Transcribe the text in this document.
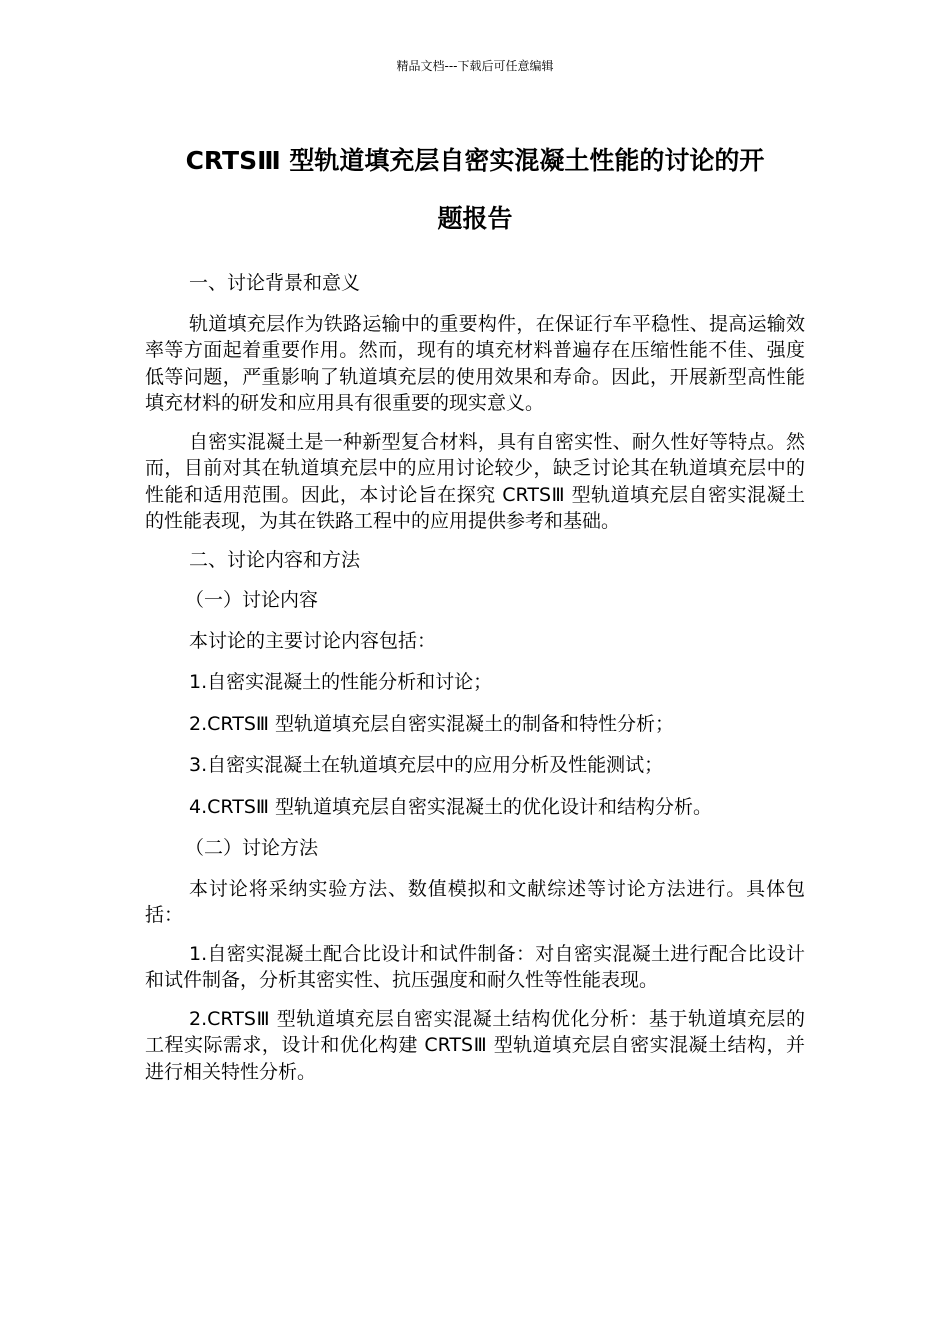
精品文档---下载后可任意编辑
CRTSⅢ 型轨道填充层自密实混凝土性能的讨论的开
题报告
一、讨论背景和意义

轨道填充层作为铁路运输中的重要构件，在保证行车平稳性、提高运输效率等方面起着重要作用。然而，现有的填充材料普遍存在压缩性能不佳、强度低等问题，严重影响了轨道填充层的使用效果和寿命。因此，开展新型高性能填充材料的研发和应用具有很重要的现实意义。

自密实混凝土是一种新型复合材料，具有自密实性、耐久性好等特点。然而，目前对其在轨道填充层中的应用讨论较少，缺乏讨论其在轨道填充层中的性能和适用范围。因此，本讨论旨在探究 CRTSⅢ 型轨道填充层自密实混凝土的性能表现，为其在铁路工程中的应用提供参考和基础。

二、讨论内容和方法
（一）讨论内容
本讨论的主要讨论内容包括：
1.自密实混凝土的性能分析和讨论；
2.CRTSⅢ 型轨道填充层自密实混凝土的制备和特性分析；
3.自密实混凝土在轨道填充层中的应用分析及性能测试；
4.CRTSⅢ 型轨道填充层自密实混凝土的优化设计和结构分析。
（二）讨论方法

本讨论将采纳实验方法、数值模拟和文献综述等讨论方法进行。具体包括：

1.自密实混凝土配合比设计和试件制备：对自密实混凝土进行配合比设计和试件制备，分析其密实性、抗压强度和耐久性等性能表现。

2.CRTSⅢ 型轨道填充层自密实混凝土结构优化分析：基于轨道填充层的工程实际需求，设计和优化构建 CRTSⅢ 型轨道填充层自密实混凝土结构，并进行相关特性分析。
